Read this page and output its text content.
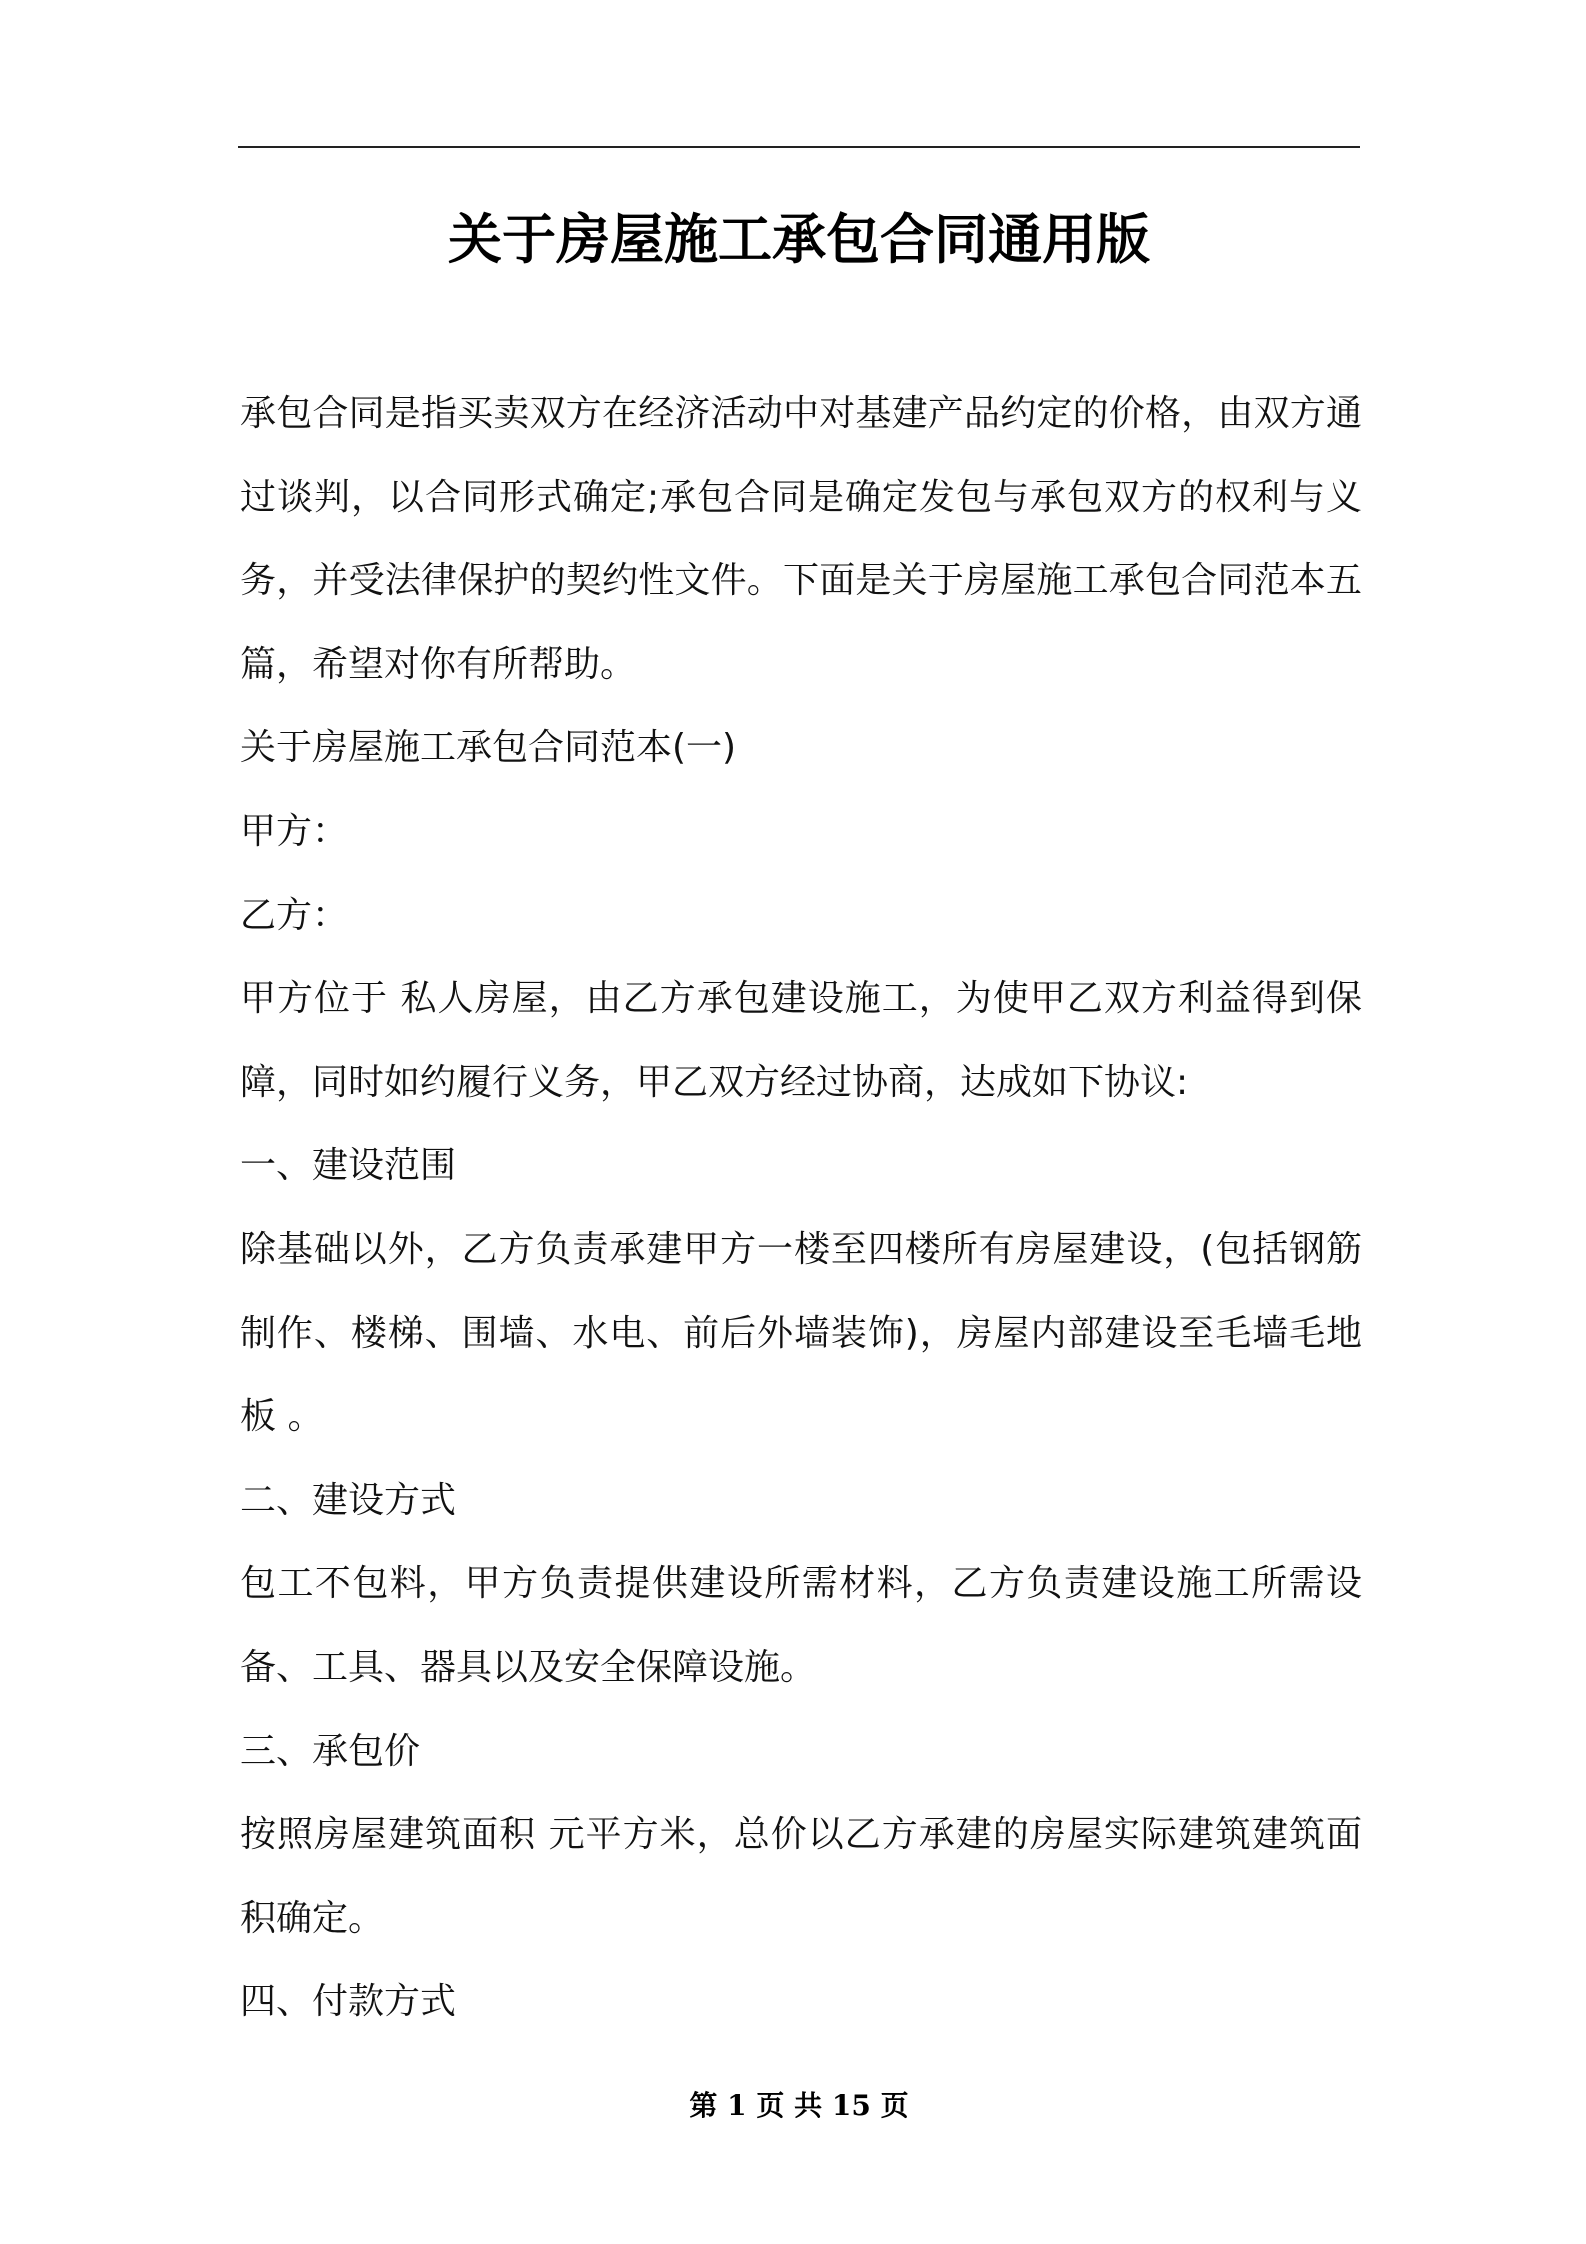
关于房屋施工承包合同通用版

承包合同是指买卖双方在经济活动中对基建产品约定的价格，由双方通过谈判，以合同形式确定;承包合同是确定发包与承包双方的权利与义务，并受法律保护的契约性文件。下面是关于房屋施工承包合同范本五篇，希望对你有所帮助。

关于房屋施工承包合同范本(一)

甲方：

乙方：

甲方位于 私人房屋，由乙方承包建设施工，为使甲乙双方利益得到保障，同时如约履行义务，甲乙双方经过协商，达成如下协议:

一、建设范围

除基础以外，乙方负责承建甲方一楼至四楼所有房屋建设，(包括钢筋制作、楼梯、围墙、水电、前后外墙装饰)，房屋内部建设至毛墙毛地板 。

二、建设方式

包工不包料，甲方负责提供建设所需材料，乙方负责建设施工所需设备、工具、器具以及安全保障设施。

三、承包价

按照房屋建筑面积 元平方米，总价以乙方承建的房屋实际建筑建筑面积确定。

四、付款方式

第 1 页 共 15 页
